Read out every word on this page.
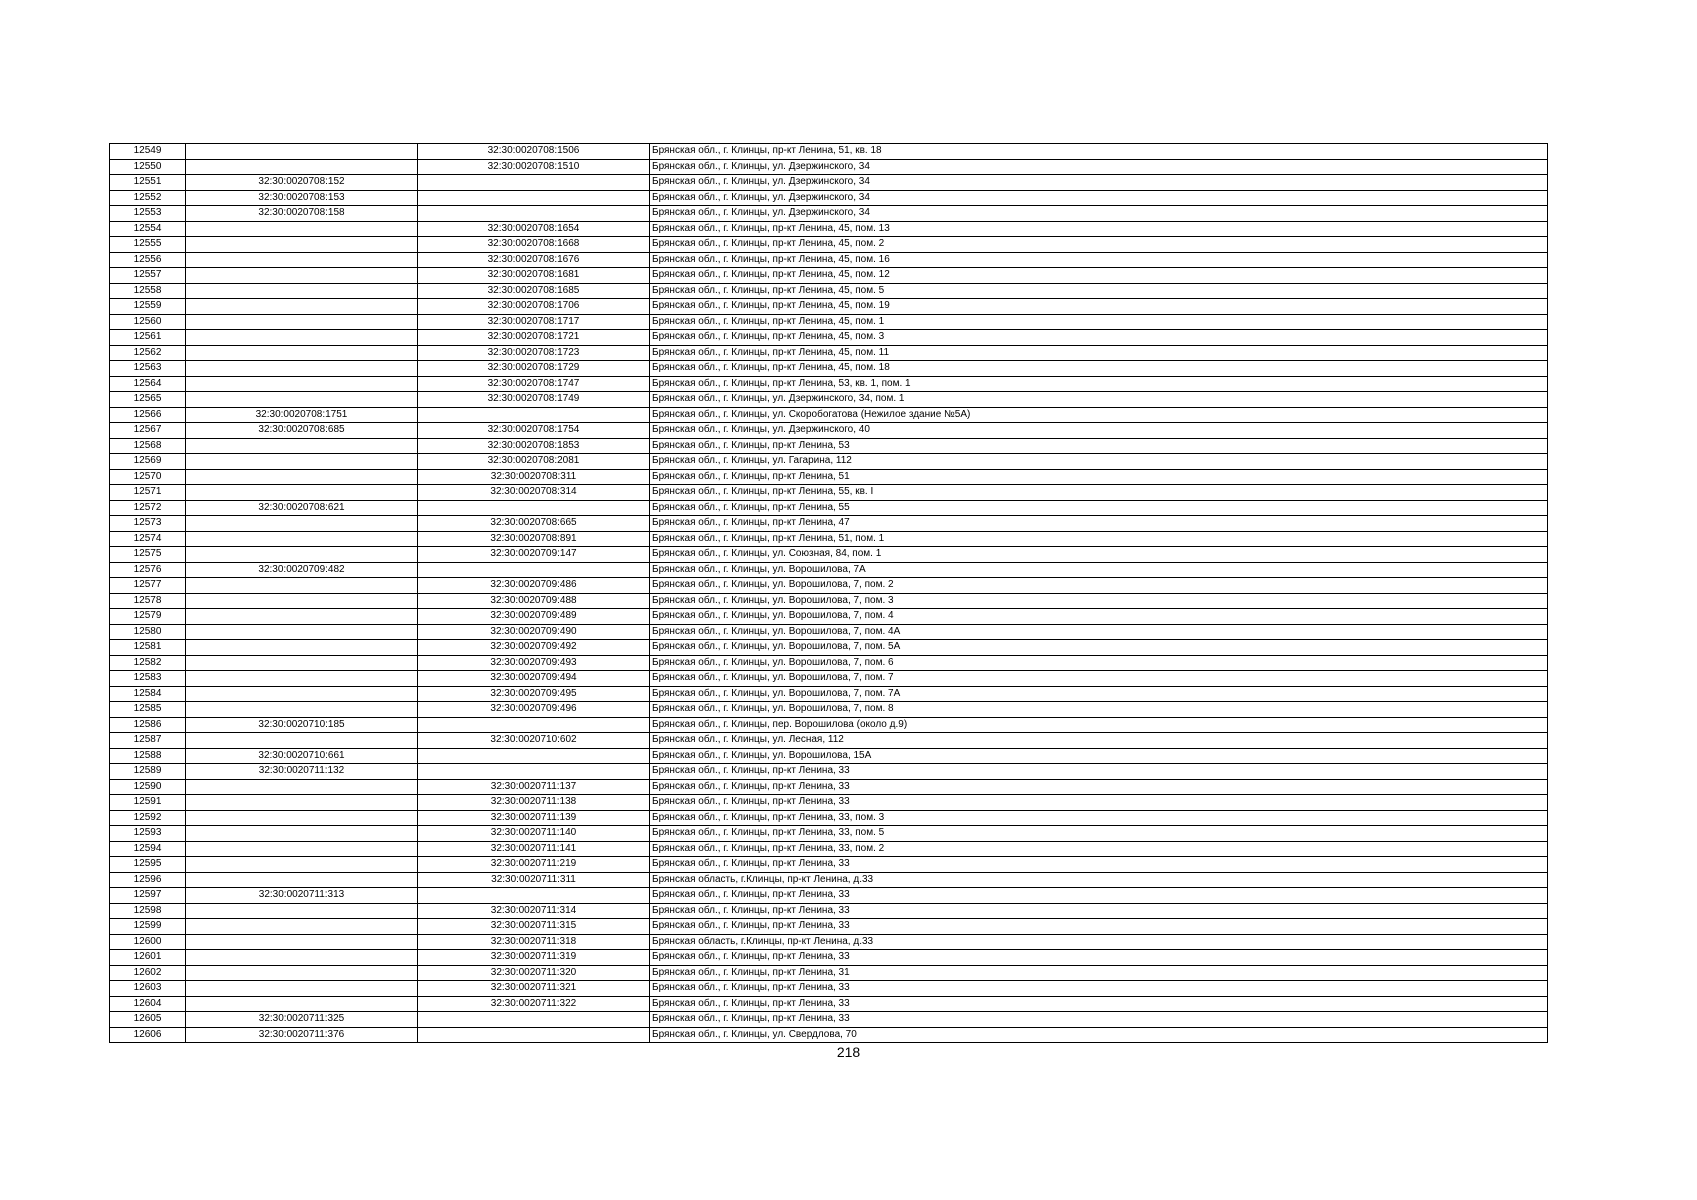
12549		32:30:0020708:1506	Брянская обл., г. Клинцы, пр-кт Ленина, 51, кв. 18
12550		32:30:0020708:1510	Брянская обл., г. Клинцы, ул. Дзержинского, 34
12551	32:30:0020708:152		Брянская обл., г. Клинцы, ул. Дзержинского, 34
12552	32:30:0020708:153		Брянская обл., г. Клинцы, ул. Дзержинского, 34
12553	32:30:0020708:158		Брянская обл., г. Клинцы, ул. Дзержинского, 34
12554		32:30:0020708:1654	Брянская обл., г. Клинцы, пр-кт Ленина, 45, пом. 13
12555		32:30:0020708:1668	Брянская обл., г. Клинцы, пр-кт Ленина, 45, пом. 2
12556		32:30:0020708:1676	Брянская обл., г. Клинцы, пр-кт Ленина, 45, пом. 16
12557		32:30:0020708:1681	Брянская обл., г. Клинцы, пр-кт Ленина, 45, пом. 12
12558		32:30:0020708:1685	Брянская обл., г. Клинцы, пр-кт Ленина, 45, пом. 5
12559		32:30:0020708:1706	Брянская обл., г. Клинцы, пр-кт Ленина, 45, пом. 19
12560		32:30:0020708:1717	Брянская обл., г. Клинцы, пр-кт Ленина, 45, пом. 1
12561		32:30:0020708:1721	Брянская обл., г. Клинцы, пр-кт Ленина, 45, пом. 3
12562		32:30:0020708:1723	Брянская обл., г. Клинцы, пр-кт Ленина, 45, пом. 11
12563		32:30:0020708:1729	Брянская обл., г. Клинцы, пр-кт Ленина, 45, пом. 18
12564		32:30:0020708:1747	Брянская обл., г. Клинцы, пр-кт Ленина, 53, кв. 1, пом. 1
12565		32:30:0020708:1749	Брянская обл., г. Клинцы, ул. Дзержинского, 34, пом. 1
12566	32:30:0020708:1751		Брянская обл., г. Клинцы, ул. Скоробогатова (Нежилое здание №5А)
12567	32:30:0020708:685	32:30:0020708:1754	Брянская обл., г. Клинцы, ул. Дзержинского, 40
12568		32:30:0020708:1853	Брянская обл., г. Клинцы, пр-кт Ленина, 53
12569		32:30:0020708:2081	Брянская обл., г. Клинцы, ул. Гагарина, 112
12570		32:30:0020708:311	Брянская обл., г. Клинцы, пр-кт Ленина, 51
12571		32:30:0020708:314	Брянская обл., г. Клинцы, пр-кт Ленина, 55, кв. I
12572	32:30:0020708:621		Брянская обл., г. Клинцы, пр-кт Ленина, 55
12573		32:30:0020708:665	Брянская обл., г. Клинцы, пр-кт Ленина, 47
12574		32:30:0020708:891	Брянская обл., г. Клинцы, пр-кт Ленина, 51, пом. 1
12575		32:30:0020709:147	Брянская обл., г. Клинцы, ул. Союзная, 84, пом. 1
12576	32:30:0020709:482		Брянская обл., г. Клинцы, ул. Ворошилова, 7А
12577		32:30:0020709:486	Брянская обл., г. Клинцы, ул. Ворошилова, 7, пом. 2
12578		32:30:0020709:488	Брянская обл., г. Клинцы, ул. Ворошилова, 7, пом. 3
12579		32:30:0020709:489	Брянская обл., г. Клинцы, ул. Ворошилова, 7, пом. 4
12580		32:30:0020709:490	Брянская обл., г. Клинцы, ул. Ворошилова, 7, пом. 4А
12581		32:30:0020709:492	Брянская обл., г. Клинцы, ул. Ворошилова, 7, пом. 5А
12582		32:30:0020709:493	Брянская обл., г. Клинцы, ул. Ворошилова, 7, пом. 6
12583		32:30:0020709:494	Брянская обл., г. Клинцы, ул. Ворошилова, 7, пом. 7
12584		32:30:0020709:495	Брянская обл., г. Клинцы, ул. Ворошилова, 7, пом. 7А
12585		32:30:0020709:496	Брянская обл., г. Клинцы, ул. Ворошилова, 7, пом. 8
12586	32:30:0020710:185		Брянская обл., г. Клинцы, пер. Ворошилова (около д.9)
12587		32:30:0020710:602	Брянская обл., г. Клинцы, ул. Лесная, 112
12588	32:30:0020710:661		Брянская обл., г. Клинцы, ул. Ворошилова, 15А
12589	32:30:0020711:132		Брянская обл., г. Клинцы, пр-кт Ленина, 33
12590		32:30:0020711:137	Брянская обл., г. Клинцы, пр-кт Ленина, 33
12591		32:30:0020711:138	Брянская обл., г. Клинцы, пр-кт Ленина, 33
12592		32:30:0020711:139	Брянская обл., г. Клинцы, пр-кт Ленина, 33, пом. 3
12593		32:30:0020711:140	Брянская обл., г. Клинцы, пр-кт Ленина, 33, пом. 5
12594		32:30:0020711:141	Брянская обл., г. Клинцы, пр-кт Ленина, 33, пом. 2
12595		32:30:0020711:219	Брянская обл., г. Клинцы, пр-кт Ленина, 33
12596		32:30:0020711:311	Брянская область, г.Клинцы, пр-кт Ленина, д.33
12597	32:30:0020711:313		Брянская обл., г. Клинцы, пр-кт Ленина, 33
12598		32:30:0020711:314	Брянская обл., г. Клинцы, пр-кт Ленина, 33
12599		32:30:0020711:315	Брянская обл., г. Клинцы, пр-кт Ленина, 33
12600		32:30:0020711:318	Брянская область, г.Клинцы, пр-кт Ленина, д.33
12601		32:30:0020711:319	Брянская обл., г. Клинцы, пр-кт Ленина, 33
12602		32:30:0020711:320	Брянская обл., г. Клинцы, пр-кт Ленина, 31
12603		32:30:0020711:321	Брянская обл., г. Клинцы, пр-кт Ленина, 33
12604		32:30:0020711:322	Брянская обл., г. Клинцы, пр-кт Ленина, 33
12605	32:30:0020711:325		Брянская обл., г. Клинцы, пр-кт Ленина, 33
12606	32:30:0020711:376		Брянская обл., г. Клинцы, ул. Свердлова, 70
218
